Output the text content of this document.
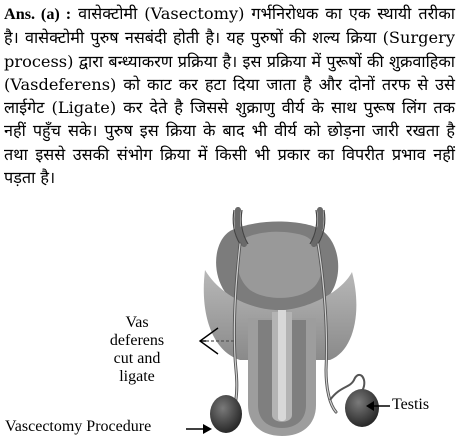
Ans. (a) : वासेक्टोमी (Vasectomy) गर्भनिरोधक का एक स्थायी तरीका है। वासेक्टोमी पुरुष नसबंदी होती है। यह पुरुषों की शल्य क्रिया (Surgery process) द्वारा बन्ध्याकरण प्रक्रिया है। इस प्रक्रिया में पुरूषों की शुक्रवाहिका (Vasdeferens) को काट कर हटा दिया जाता है और दोनों तरफ से उसे लाईगेट (Ligate) कर देते है जिससे शुक्राणु वीर्य के साथ पुरूष लिंग तक नहीं पहुँच सके। पुरुष इस क्रिया के बाद भी वीर्य को छोड़ना जारी रखता है तथा इससे उसकी संभोग क्रिया में किसी भी प्रकार का विपरीत प्रभाव नहीं पड़ता है।
Vas
deferens
cut and
ligate
Testis
Vascectomy Procedure
